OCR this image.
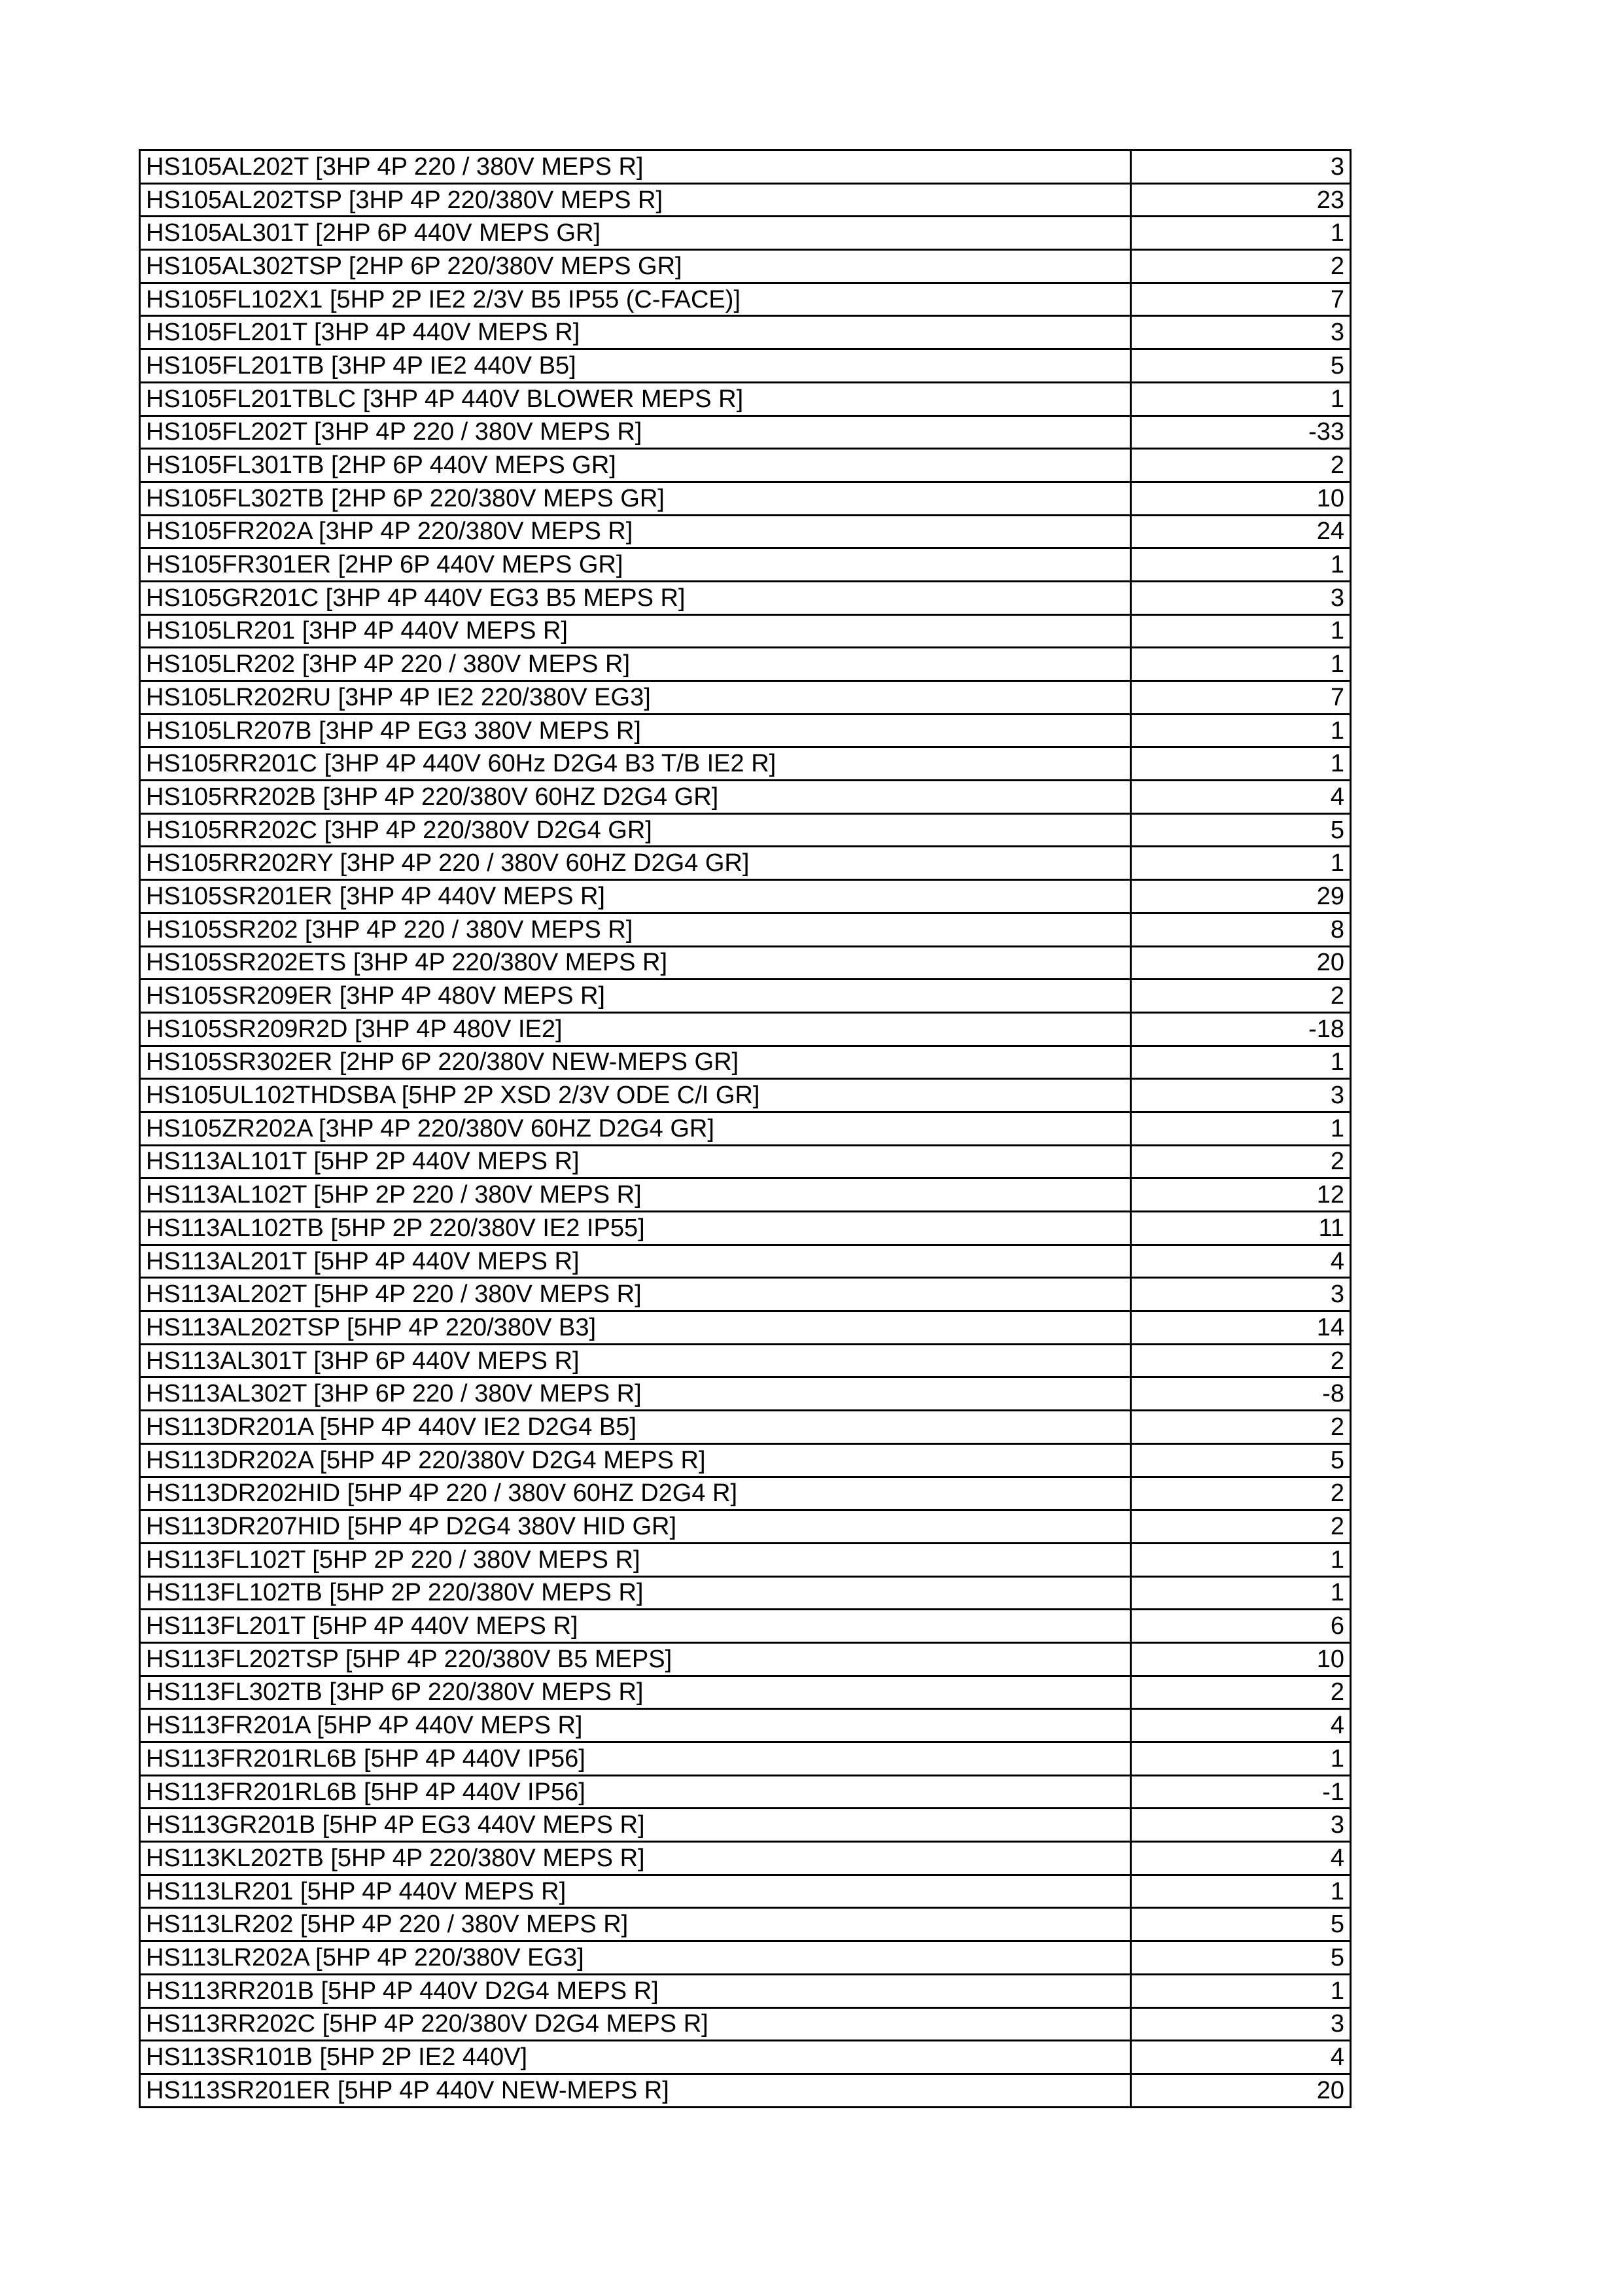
HS105AL202T [3HP 4P 220 / 380V MEPS R]	3
HS105AL202TSP [3HP 4P 220/380V MEPS R]	23
HS105AL301T [2HP 6P 440V MEPS GR]	1
HS105AL302TSP [2HP 6P 220/380V MEPS GR]	2
HS105FL102X1 [5HP 2P IE2 2/3V B5 IP55 (C-FACE)]	7
HS105FL201T [3HP 4P 440V MEPS R]	3
HS105FL201TB [3HP 4P IE2 440V B5]	5
HS105FL201TBLC [3HP 4P 440V BLOWER MEPS R]	1
HS105FL202T [3HP 4P 220 / 380V MEPS R]	-33
HS105FL301TB [2HP 6P 440V MEPS GR]	2
HS105FL302TB [2HP 6P 220/380V MEPS GR]	10
HS105FR202A [3HP 4P 220/380V MEPS R]	24
HS105FR301ER [2HP 6P 440V MEPS GR]	1
HS105GR201C [3HP 4P 440V EG3 B5 MEPS R]	3
HS105LR201 [3HP 4P 440V MEPS R]	1
HS105LR202 [3HP 4P 220 / 380V MEPS R]	1
HS105LR202RU [3HP 4P IE2 220/380V EG3]	7
HS105LR207B [3HP 4P EG3 380V MEPS R]	1
HS105RR201C [3HP 4P 440V 60Hz D2G4 B3 T/B IE2 R]	1
HS105RR202B [3HP 4P 220/380V 60HZ D2G4 GR]	4
HS105RR202C [3HP 4P 220/380V D2G4 GR]	5
HS105RR202RY [3HP 4P 220 / 380V 60HZ D2G4 GR]	1
HS105SR201ER [3HP 4P 440V MEPS R]	29
HS105SR202 [3HP 4P 220 / 380V MEPS R]	8
HS105SR202ETS [3HP 4P 220/380V MEPS R]	20
HS105SR209ER [3HP 4P 480V MEPS R]	2
HS105SR209R2D [3HP 4P 480V IE2]	-18
HS105SR302ER [2HP 6P 220/380V NEW-MEPS GR]	1
HS105UL102THDSBA [5HP 2P XSD 2/3V ODE C/I GR]	3
HS105ZR202A [3HP 4P 220/380V 60HZ D2G4 GR]	1
HS113AL101T [5HP 2P 440V MEPS R]	2
HS113AL102T [5HP 2P 220 / 380V MEPS R]	12
HS113AL102TB [5HP 2P 220/380V IE2 IP55]	11
HS113AL201T [5HP 4P 440V MEPS R]	4
HS113AL202T [5HP 4P 220 / 380V MEPS R]	3
HS113AL202TSP [5HP 4P 220/380V B3]	14
HS113AL301T [3HP 6P 440V MEPS R]	2
HS113AL302T [3HP 6P 220 / 380V MEPS R]	-8
HS113DR201A [5HP 4P 440V IE2 D2G4 B5]	2
HS113DR202A [5HP 4P 220/380V D2G4 MEPS R]	5
HS113DR202HID [5HP 4P 220 / 380V 60HZ D2G4 R]	2
HS113DR207HID [5HP 4P D2G4 380V HID GR]	2
HS113FL102T [5HP 2P 220 / 380V MEPS R]	1
HS113FL102TB [5HP 2P 220/380V MEPS R]	1
HS113FL201T [5HP 4P 440V MEPS R]	6
HS113FL202TSP [5HP 4P 220/380V B5 MEPS]	10
HS113FL302TB [3HP 6P 220/380V MEPS R]	2
HS113FR201A [5HP 4P 440V MEPS R]	4
HS113FR201RL6B [5HP 4P 440V IP56]	1
HS113FR201RL6B [5HP 4P 440V IP56]	-1
HS113GR201B [5HP 4P EG3 440V MEPS R]	3
HS113KL202TB [5HP 4P 220/380V MEPS R]	4
HS113LR201 [5HP 4P 440V MEPS R]	1
HS113LR202 [5HP 4P 220 / 380V MEPS R]	5
HS113LR202A [5HP 4P 220/380V EG3]	5
HS113RR201B [5HP 4P 440V D2G4 MEPS R]	1
HS113RR202C [5HP 4P 220/380V D2G4 MEPS R]	3
HS113SR101B [5HP 2P IE2 440V]	4
HS113SR201ER [5HP 4P 440V NEW-MEPS R]	20
